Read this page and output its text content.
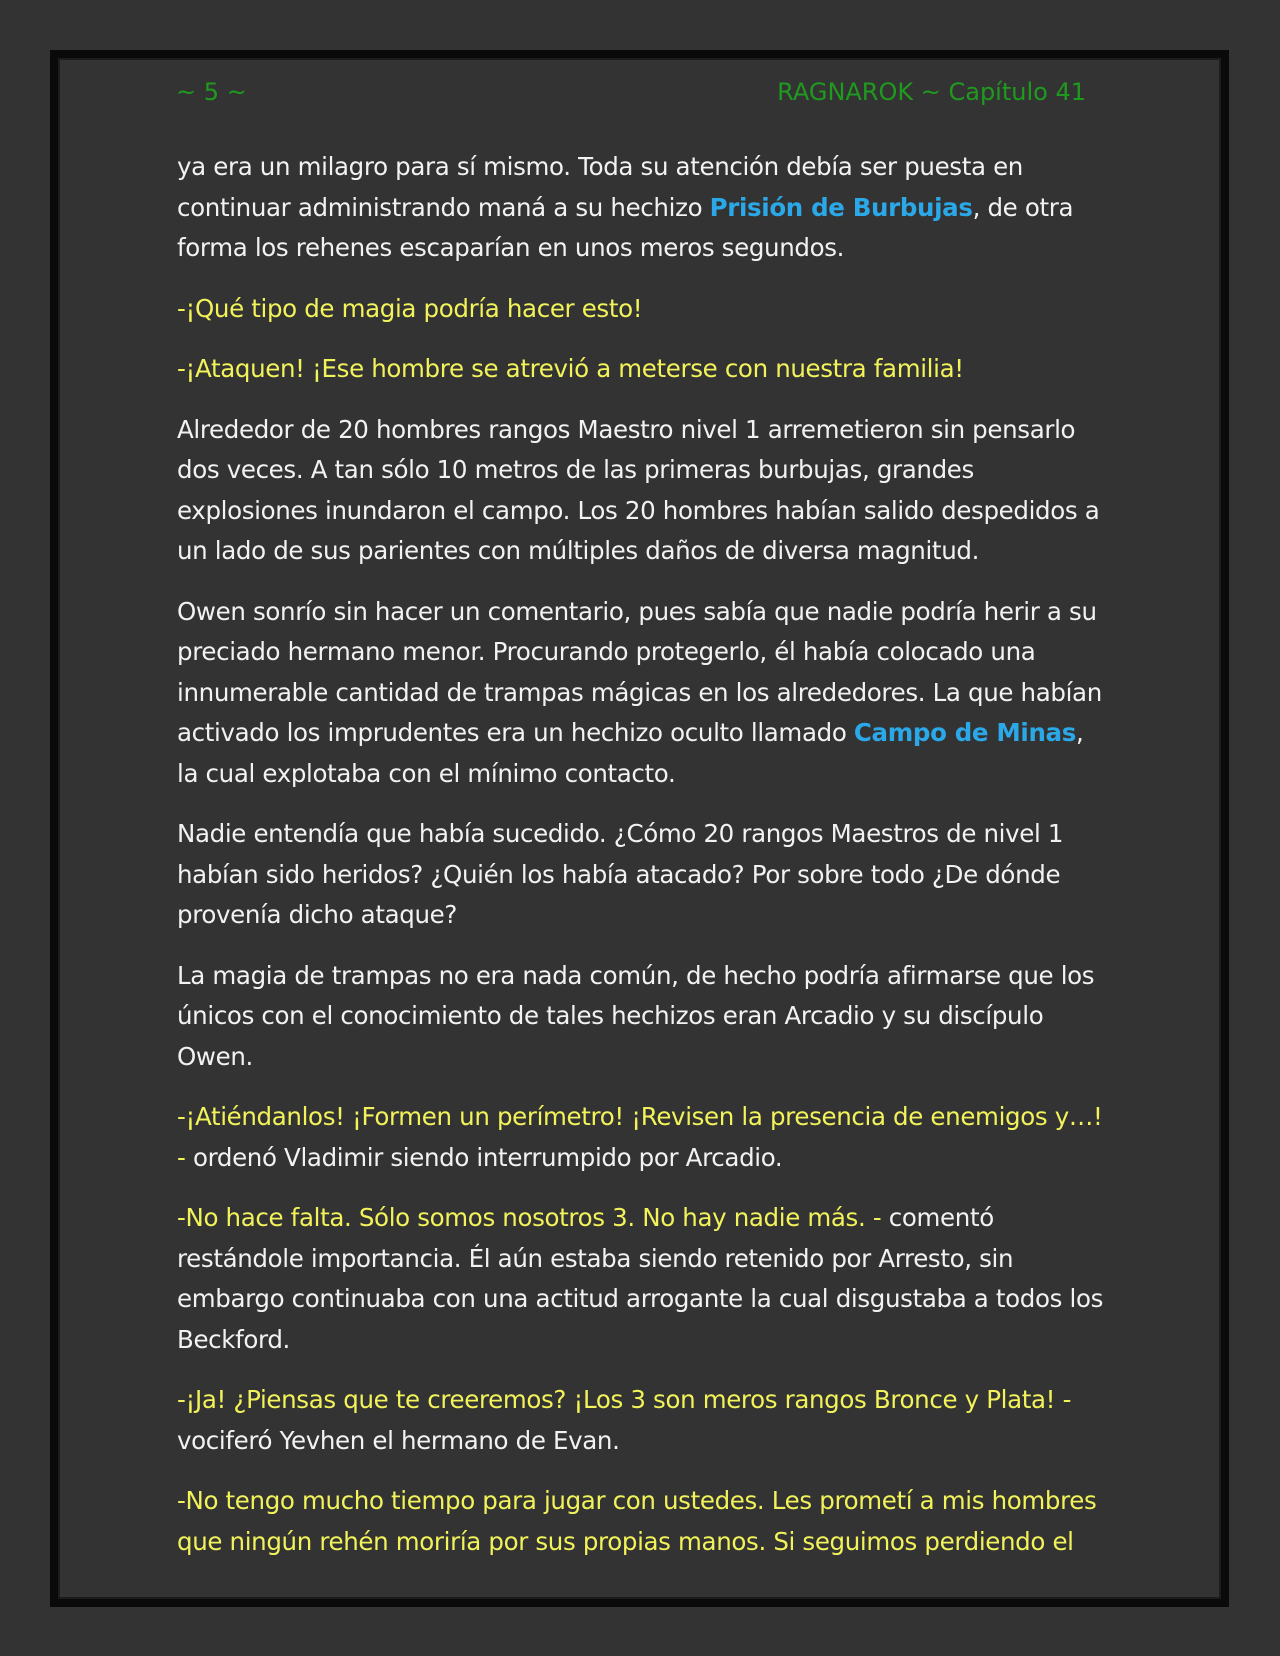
~ 5 ~	RAGNAROK ~ Capítulo 41

ya era un milagro para sí mismo. Toda su atención debía ser puesta en continuar administrando maná a su hechizo Prisión de Burbujas, de otra forma los rehenes escaparían en unos meros segundos.

-¡Qué tipo de magia podría hacer esto!

-¡Ataquen! ¡Ese hombre se atrevió a meterse con nuestra familia!

Alrededor de 20 hombres rangos Maestro nivel 1 arremetieron sin pensarlo dos veces. A tan sólo 10 metros de las primeras burbujas, grandes explosiones inundaron el campo. Los 20 hombres habían salido despedidos a un lado de sus parientes con múltiples daños de diversa magnitud.

Owen sonrío sin hacer un comentario, pues sabía que nadie podría herir a su preciado hermano menor. Procurando protegerlo, él había colocado una innumerable cantidad de trampas mágicas en los alrededores. La que habían activado los imprudentes era un hechizo oculto llamado Campo de Minas, la cual explotaba con el mínimo contacto.

Nadie entendía que había sucedido. ¿Cómo 20 rangos Maestros de nivel 1 habían sido heridos? ¿Quién los había atacado? Por sobre todo ¿De dónde provenía dicho ataque?

La magia de trampas no era nada común, de hecho podría afirmarse que los únicos con el conocimiento de tales hechizos eran Arcadio y su discípulo Owen.

-¡Atiéndanlos! ¡Formen un perímetro! ¡Revisen la presencia de enemigos y…! - ordenó Vladimir siendo interrumpido por Arcadio.

-No hace falta. Sólo somos nosotros 3. No hay nadie más. - comentó restándole importancia. Él aún estaba siendo retenido por Arresto, sin embargo continuaba con una actitud arrogante la cual disgustaba a todos los Beckford.

-¡Ja! ¿Piensas que te creeremos? ¡Los 3 son meros rangos Bronce y Plata! - vociferó Yevhen el hermano de Evan.

-No tengo mucho tiempo para jugar con ustedes. Les prometí a mis hombres que ningún rehén moriría por sus propias manos. Si seguimos perdiendo el
